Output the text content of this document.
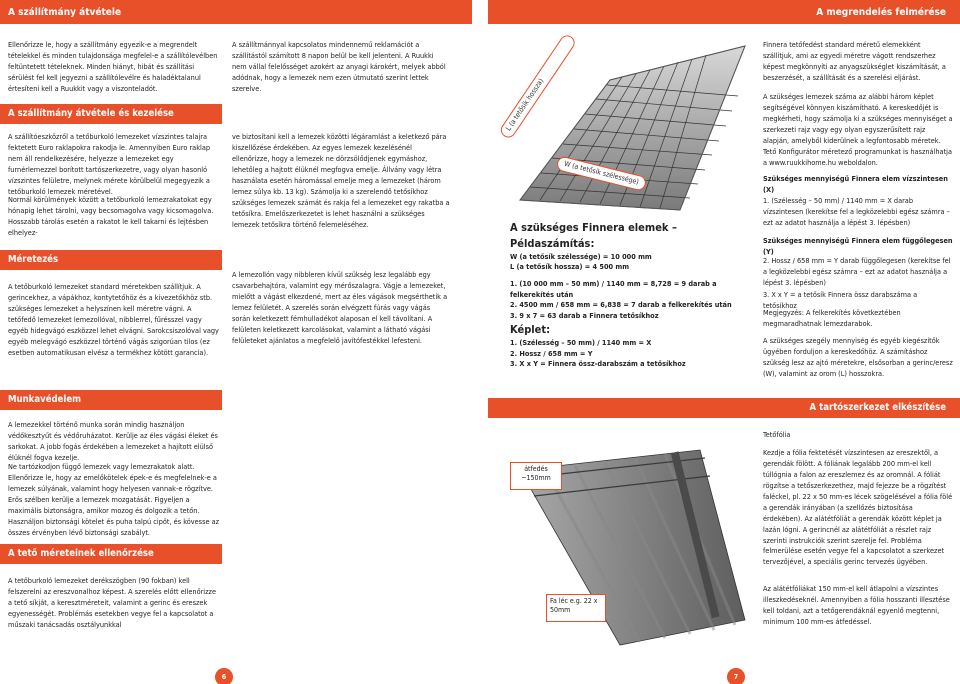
A szállítmány átvétele	A megrendelés felmérése
Ellenőrizze le, hogy a szállítmány egyezik-e a megrendelt tételekkel és minden tulajdonsága megfelel-e a szállítólevélben feltüntetett tételeknek. Minden hiányt, hibát és szállítási sérülést fel kell jegyezni a szállítólevélre és haladéktalanul értesíteni kell a Ruukkit vagy a viszonteladót.
A szállítmány átvétele és kezelése
A szállítóeszközről a tetőburkoló lemezeket vízszintes talajra fektetett Euro raklapokra rakodja le. Amennyiben Euro raklap nem áll rendelkezésére, helyezze a lemezeket egy furnérlemezzel borított tartószerkezetre, vagy olyan hasonló vízszintes felületre, melynek mérete körülbelül megegyezik a tetőburkoló lemezek méretével.
Normál körülmények között a tetőburkoló lemezrakatokat egy hónapig lehet tárolni, vagy becsomagolva vagy kicsomagolva. Hosszabb tárolás esetén a rakatot le kell takarni és lejtésben elhelyez-
Méretezés
A tetőburkoló lemezeket standard méretekben szállítjuk. A gerincekhez, a vápákhoz, kontytetőhöz és a kivezetőkhöz stb. szükséges lemezeket a helyszínen kell méretre vágni. A tetőfedő lemezeket lemezollóval, nibblerrel, fűrésszel vagy egyéb hidegvágó eszközzel lehet elvágni. Sarokcsiszolóval vagy egyéb melegvágó eszközzel történő vágás szigorúan tilos (ez esetben automatikusan elvész a termékhez kötött garancia).
A szállítmánnyal kapcsolatos mindennemű reklamációt a szállítástól számított 8 napon belül be kell jelenteni. A Ruukki nem vállal felelősséget azokért az anyagi károkért, melyek abból adódnak, hogy a lemezek nem ezen útmutató szerint lettek szerelve.
ve biztosítani kell a lemezek közötti légáramlást a keletkező pára kiszellőzése érdekében. Az egyes lemezek kezelésénél ellenőrizze, hogy a lemezek ne dörzsölődjenek egymáshoz, lehetőleg a hajtott élüknél megfogva emelje. Állvány vagy létra használata esetén háromással emelje meg a lemezeket (három lemez súlya kb. 13 kg). Számolja ki a szerelendő tetősíkhoz szükséges lemezek számát és rakja fel a lemezeket egy rakatba a tetősíkra. Emelőszerkezetet is lehet használni a szükséges lemezek tetősíkra történő felemeléséhez.
A lemezollón vagy nibbleren kívül szükség lesz legalább egy csavarbehajtóra, valamint egy mérőszalagra. Vágje a lemezeket, mielőtt a vágást elkezdené, mert az éles vágások megsérthetik a lemez felületét. A szerelés során elvégzett fúrás vagy vágás során keletkezett fémhulladékot alaposan el kell távolítani. A felületen keletkezett karcolásokat, valamint a látható vágási felületeket ajánlatos a megfelelő javítófestékkel lefesteni.
L (a tetősík hossza)
W (a tetősík szélessége)
A szükséges Finnera elemek – Példaszámítás:
W (a tetősík szélessége) = 10 000 mm
L (a tetősík hossza) = 4 500 mm
1. (10 000 mm – 50 mm) / 1140 mm = 8,728 = 9 darab a felkerekítés után
2. 4500 mm / 658 mm = 6,838 = 7 darab a felkerekítés után
3. 9 x 7 = 63 darab a Finnera tetősíkhoz
Képlet:
1. (Szélesség – 50 mm) / 1140 mm = X
2. Hossz / 658 mm = Y
3. X x Y = Finnera össz-darabszám a tetősíkhoz
Finnera tetőfedést standard méretű elemekként szállítjuk, ami az egyedi méretre vágott rendszerhez képest megkönnyíti az anyagszükséglet kiszámítását, a beszerzését, a szállítását és a szerelési eljárást.
A szükséges lemezek száma az alábbi három képlet segítségével könnyen kiszámítható. A kereskedőjét is megkérheti, hogy számolja ki a szükséges mennyiséget a szerkezeti rajz vagy egy olyan egyszerűsített rajz alapján, amelyből kiderülnek a legfontosabb méretek. Tető Konfigurátor méretező programunkat is használhatja a www.ruukkihome.hu weboldalon.
Szükséges mennyiségű Finnera elem vízszintesen (X)
1. (Szélesség – 50 mm) / 1140 mm = X darab vízszintesen (kerekítse fel a legközelebbi egész számra – ezt az adatot használja a lépést 3. lépésben)
Szükséges mennyiségű Finnera elem függőlegesen (Y)
2. Hossz / 658 mm = Y darab függőlegesen (kerekítse fel a legközelebbi egész számra – ezt az adatot használja a lépést 3. lépésben)
3. X x Y = a tetősík Finnera össz darabszáma a tetősíkhoz
Megjegyzés: A felkerekítés következtében megmaradhatnak lemezdarabok.
A szükséges szegély mennyiség és egyéb kiegészítők ügyében forduljon a kereskedőhöz. A számításhoz szükség lesz az ajtó méretekre, elsősorban a gerinc/eresz (W), valamint az orom (L) hosszokra.
Munkavédelem
A lemezekkel történő munka során mindig használjon védőkesztyűt és védőruházatot. Kerülje az éles vágási éleket és sarkokat. A jobb fogás érdekében a lemezeket a hajított elülső élüknél fogva kezelje.
Ne tartózkodjon függő lemezek vagy lemezrakatok alatt. Ellenőrizze le, hogy az emelőkötelek épek-e és megfelelnek-e a lemezek súlyának, valamint hogy helyesen vannak-e rögzítve. Erős szélben kerülje a lemezek mozgatását. Figyeljen a maximális biztonságra, amikor mozog és dolgozik a tetőn. Használjon biztonsági kötelet és puha talpú cipőt, és kövesse az összes érvényben lévő biztonsági szabályt.
A tető méreteinek ellenőrzése
A tetőburkoló lemezeket derékszögben (90 fokban) kell felszerelni az ereszvonalhoz képest. A szerelés előtt ellenőrizze a tető síkját, a keresztméreteit, valamint a gerinc és ereszek egyenességét. Problémás esetekben vegye fel a kapcsolatot a műszaki tanácsadás osztályunkkal
6
A tartószerkezet elkészítése
átfedés ~150mm
Fa léc e.g. 22 x 50mm
Tetőfólia
Kezdje a fólia fektetését vízszintesen az ereszektől, a gerendák fölött. A fóliának legalább 200 mm-el kell túllógnia a falon az ereszlemez és az oromnál. A fóliát rögzítse a tetőszerkezethez, majd fejezze be a rögzítést faléckel, pl. 22 x 50 mm-es lécek szögelésével a fólia fölé a gerendák irányában (a szellőzés biztosítása érdekében). Az alátétfóliát a gerendák között képlet ja lazán lógni. A gerincnél az alátétfóliát a részlet rajz szerinti instrukciók szerint szerelje fel. Probléma felmerülése esetén vegye fel a kapcsolatot a szerkezet tervezőjével, a speciális gerinc tervezés ügyében.
Az alátétfóliákat 150 mm-el kell átlapolni a vízszintes illeszkedéseknél. Amennyiben a fólia hosszanti illesztése kell toldani, azt a tetőgerendáknál egyenlő megtenni, minimum 100 mm-es átfedéssel.
7
